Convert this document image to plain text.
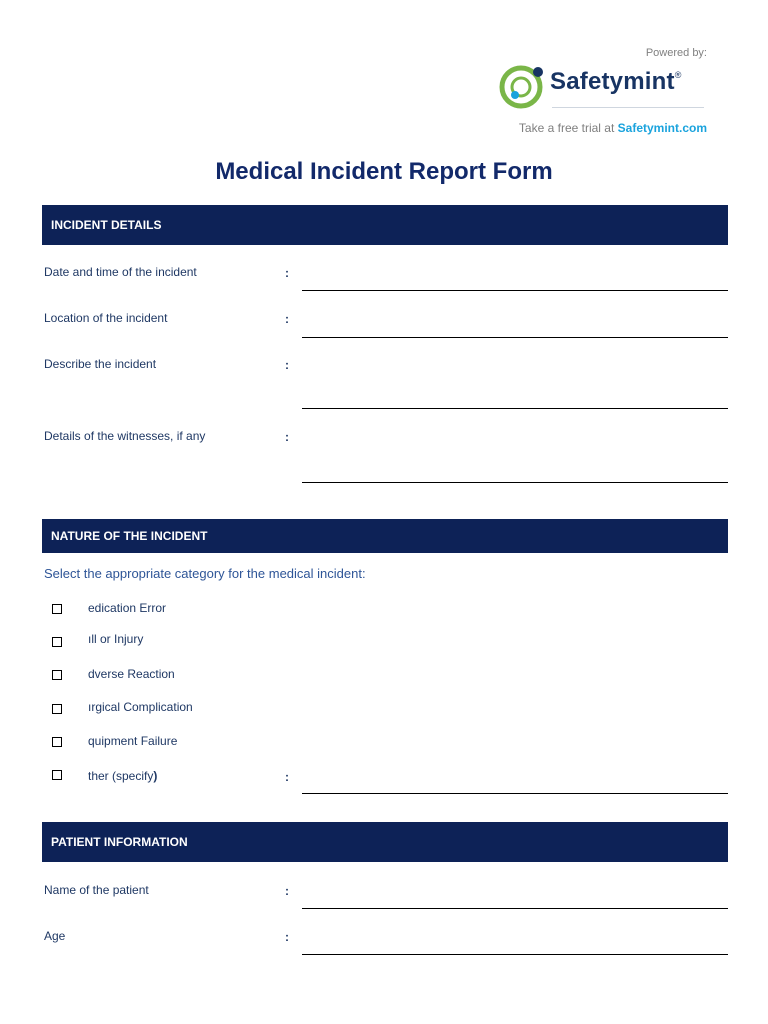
Powered by:
Safetymint®
Take a free trial at Safetymint.com
Medical Incident Report Form
INCIDENT DETAILS
Date and time of the incident	:
Location of the incident	:
Describe the incident	:
Details of the witnesses, if any	:
NATURE OF THE INCIDENT
Select the appropriate category for the medical incident:
edication Error
ıll or Injury
dverse Reaction
ırgical Complication
quipment Failure
ther (specify)	:
PATIENT INFORMATION
Name of the patient	:
Age	:
